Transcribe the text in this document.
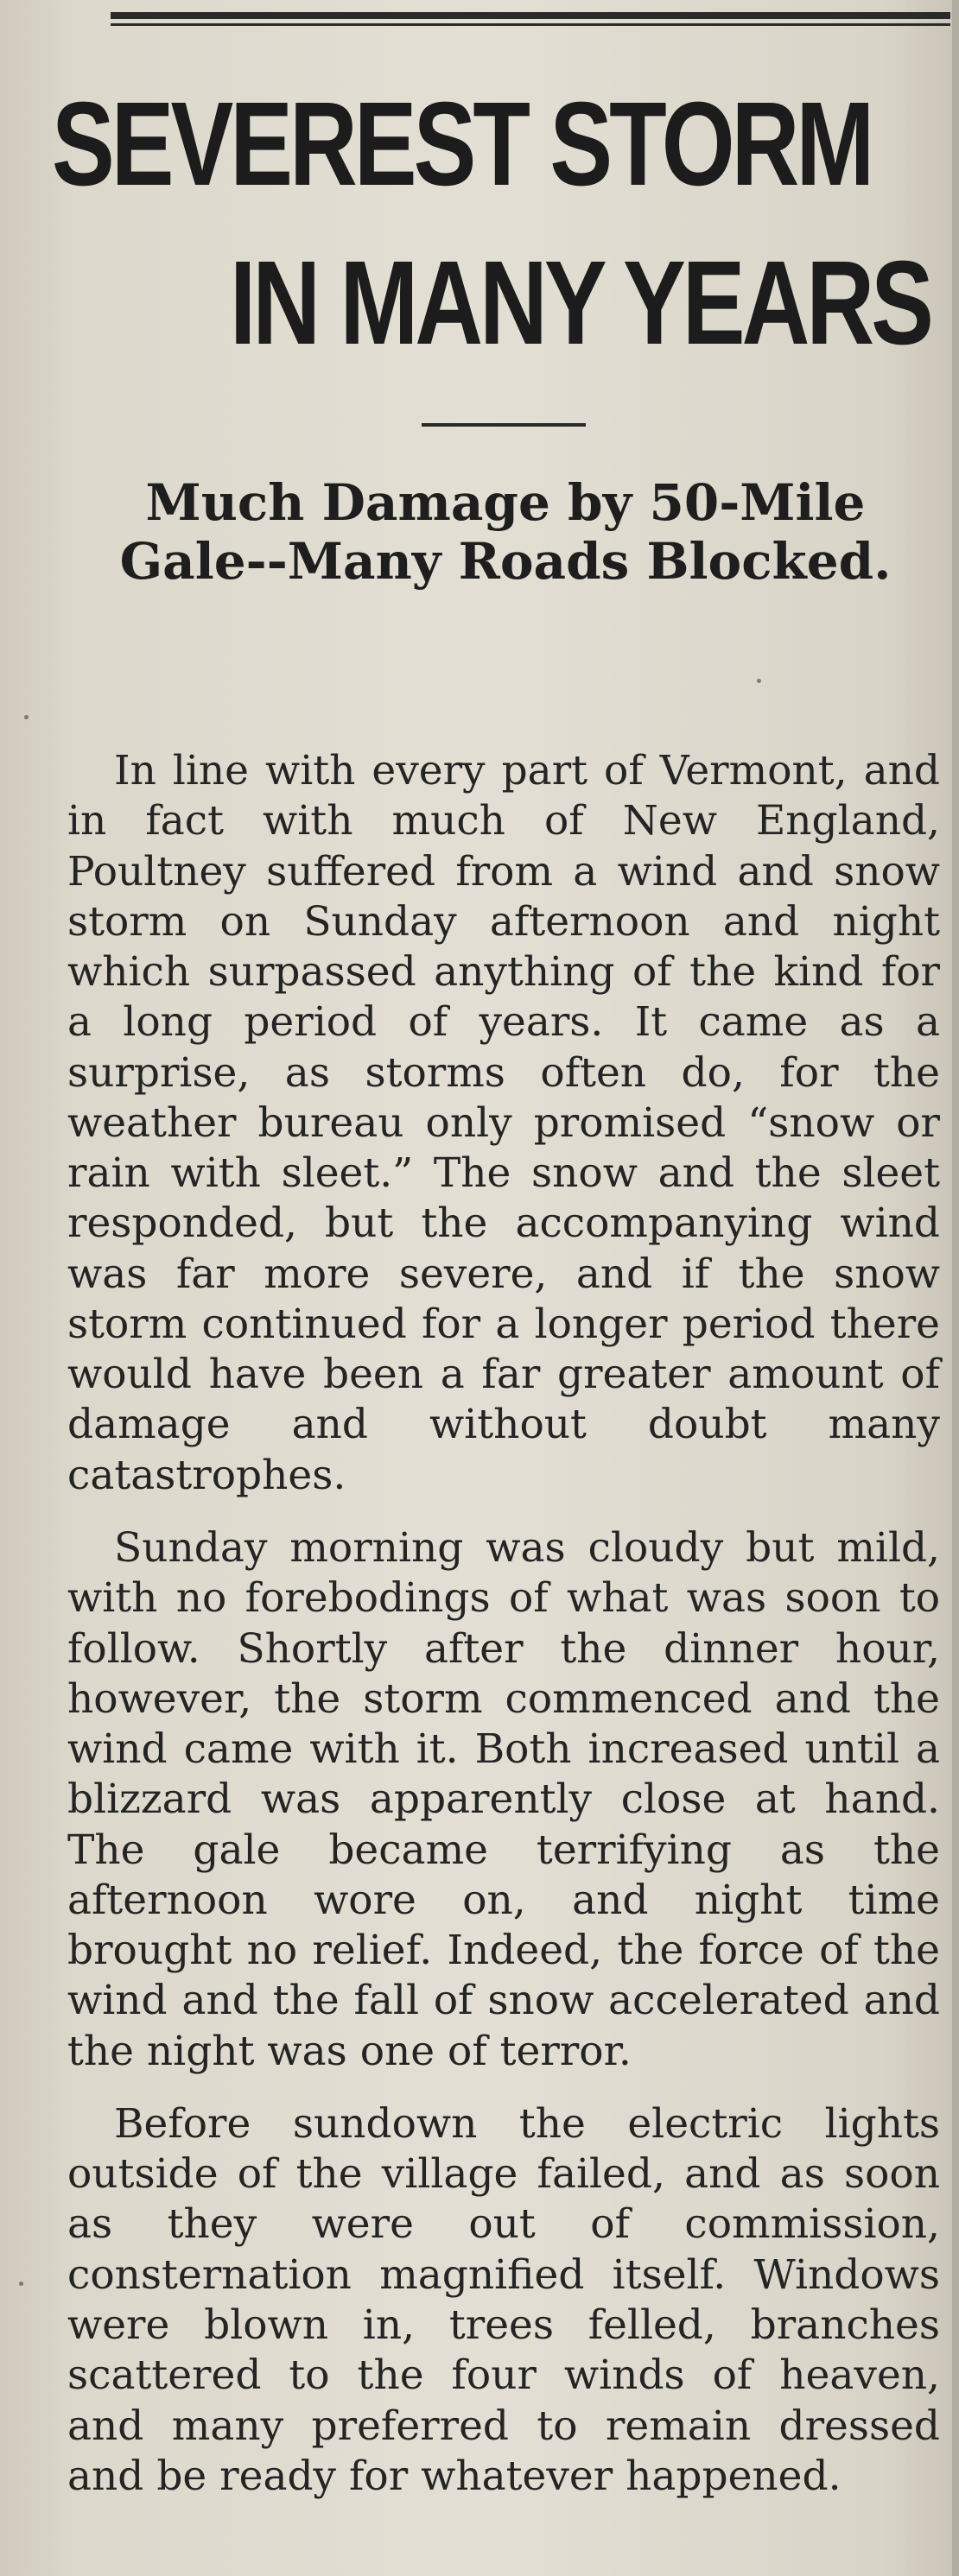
SEVEREST STORM
IN MANY YEARS
Much Damage by 50-Mile Gale--Many Roads Blocked.

In line with every part of Vermont, and in fact with much of New England, Poultney suffered from a wind and snow storm on Sunday afternoon and night which surpassed anything of the kind for a long period of years. It came as a surprise, as storms often do, for the weather bureau only promised “snow or rain with sleet.” The snow and the sleet responded, but the accompanying wind was far more severe, and if the snow storm continued for a longer period there would have been a far greater amount of damage and without doubt many catastrophes.

Sunday morning was cloudy but mild, with no forebodings of what was soon to follow. Shortly after the dinner hour, however, the storm commenced and the wind came with it. Both increased until a blizzard was apparently close at hand. The gale became terrifying as the afternoon wore on, and night time brought no relief. Indeed, the force of the wind and the fall of snow accelerated and the night was one of terror.

Before sundown the electric lights outside of the village failed, and as soon as they were out of commission, consternation magnified itself. Windows were blown in, trees felled, branches scattered to the four winds of heaven, and many preferred to remain dressed and be ready for whatever happened.
